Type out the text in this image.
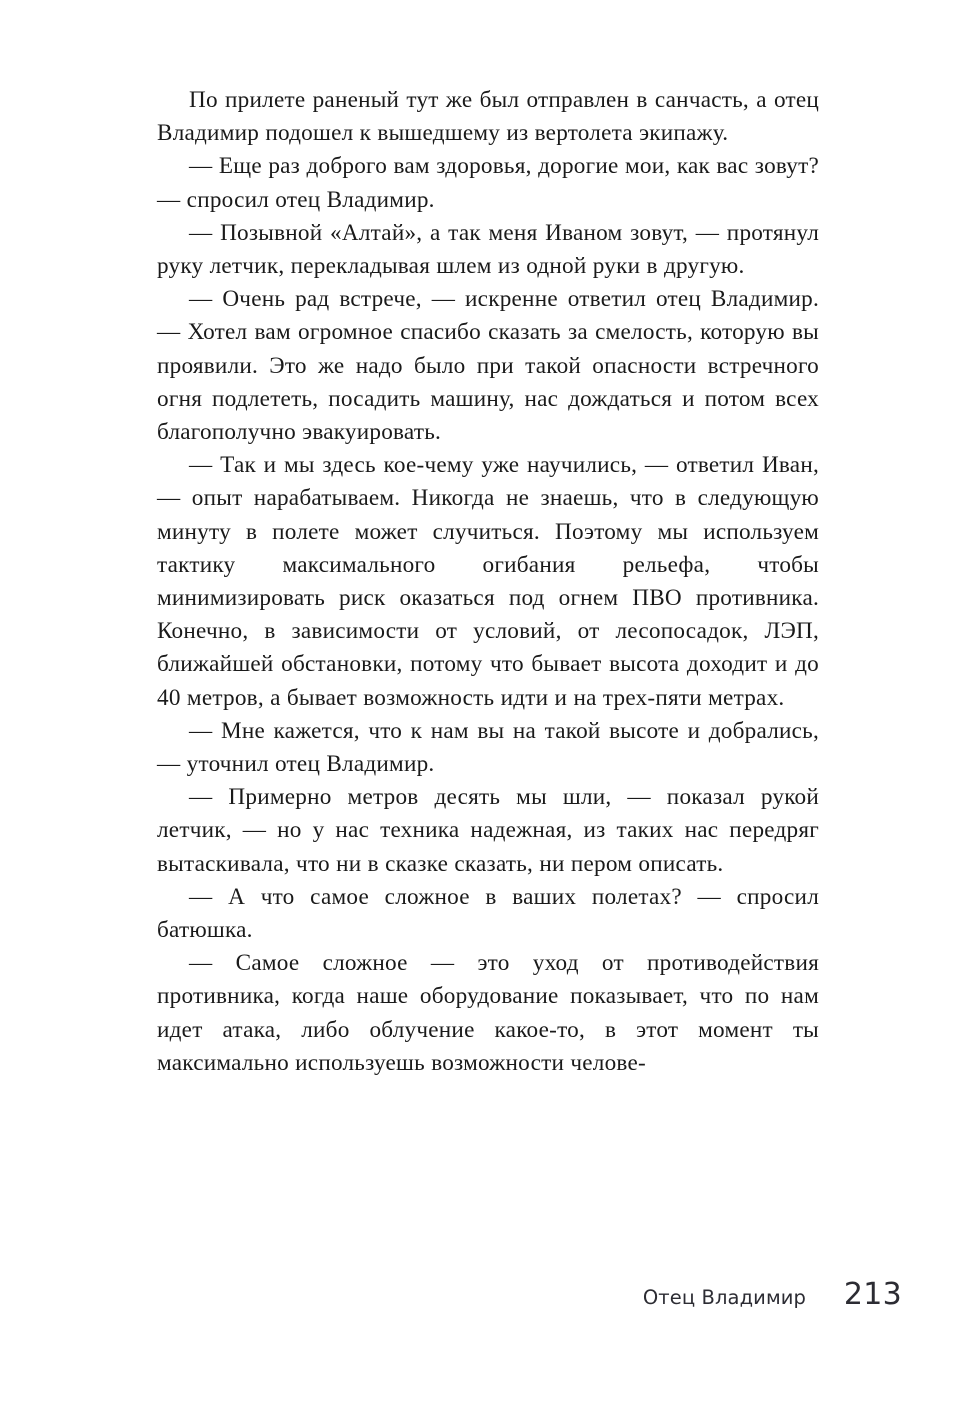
По прилете раненый тут же был отправлен в санчасть, а отец Владимир подошел к вышедшему из вертолета экипажу.

— Еще раз доброго вам здоровья, дорогие мои, как вас зовут? — спросил отец Владимир.

— Позывной «Алтай», а так меня Иваном зовут, — протянул руку летчик, перекладывая шлем из одной руки в другую.

— Очень рад встрече, — искренне ответил отец Владимир. — Хотел вам огромное спасибо сказать за смелость, которую вы проявили. Это же надо было при такой опасности встречного огня подлететь, посадить машину, нас дождаться и потом всех благополучно эвакуировать.

— Так и мы здесь кое-чему уже научились, — ответил Иван, — опыт нарабатываем. Никогда не знаешь, что в следующую минуту в полете может случиться. Поэтому мы используем тактику максимального огибания рельефа, чтобы минимизировать риск оказаться под огнем ПВО противника. Конечно, в зависимости от условий, от лесопосадок, ЛЭП, ближайшей обстановки, потому что бывает высота доходит и до 40 метров, а бывает возможность идти и на трех-пяти метрах.

— Мне кажется, что к нам вы на такой высоте и добрались, — уточнил отец Владимир.

— Примерно метров десять мы шли, — показал рукой летчик, — но у нас техника надежная, из таких нас передряг вытаскивала, что ни в сказке сказать, ни пером описать.

— А что самое сложное в ваших полетах? — спросил батюшка.

— Самое сложное — это уход от противодействия противника, когда наше оборудование показывает, что по нам идет атака, либо облучение какое-то, в этот момент ты максимально используешь возможности челове-

Отец Владимир 213
